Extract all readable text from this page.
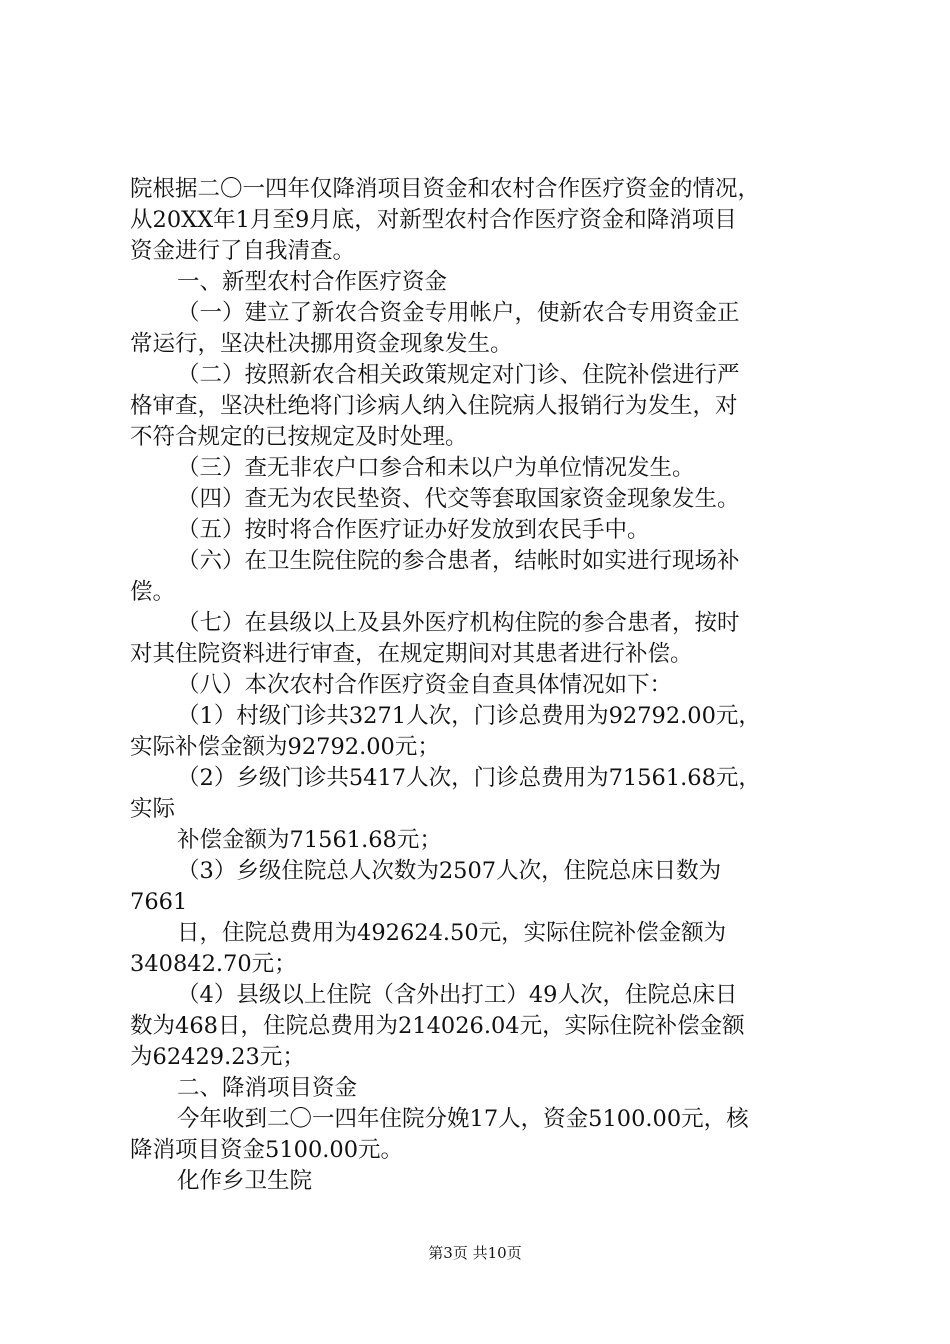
院根据二〇一四年仅降消项目资金和农村合作医疗资金的情况，
从20XX年1月至9月底，对新型农村合作医疗资金和降消项目
资金进行了自我清查。
一、新型农村合作医疗资金
（一）建立了新农合资金专用帐户，使新农合专用资金正
常运行，坚决杜决挪用资金现象发生。
（二）按照新农合相关政策规定对门诊、住院补偿进行严
格审查，坚决杜绝将门诊病人纳入住院病人报销行为发生，对
不符合规定的已按规定及时处理。
（三）查无非农户口参合和未以户为单位情况发生。
（四）查无为农民垫资、代交等套取国家资金现象发生。
（五）按时将合作医疗证办好发放到农民手中。
（六）在卫生院住院的参合患者，结帐时如实进行现场补
偿。
（七）在县级以上及县外医疗机构住院的参合患者，按时
对其住院资料进行审查，在规定期间对其患者进行补偿。
（八）本次农村合作医疗资金自查具体情况如下：
（1）村级门诊共3271人次，门诊总费用为92792.00元，
实际补偿金额为92792.00元；
（2）乡级门诊共5417人次，门诊总费用为71561.68元，
实际
补偿金额为71561.68元；
（3）乡级住院总人次数为2507人次，住院总床日数为
7661
日，住院总费用为492624.50元，实际住院补偿金额为
340842.70元；
（4）县级以上住院（含外出打工）49人次，住院总床日
数为468日，住院总费用为214026.04元，实际住院补偿金额
为62429.23元；
二、降消项目资金
今年收到二〇一四年住院分娩17人，资金5100.00元，核
降消项目资金5100.00元。
化作乡卫生院
第3页 共10页
